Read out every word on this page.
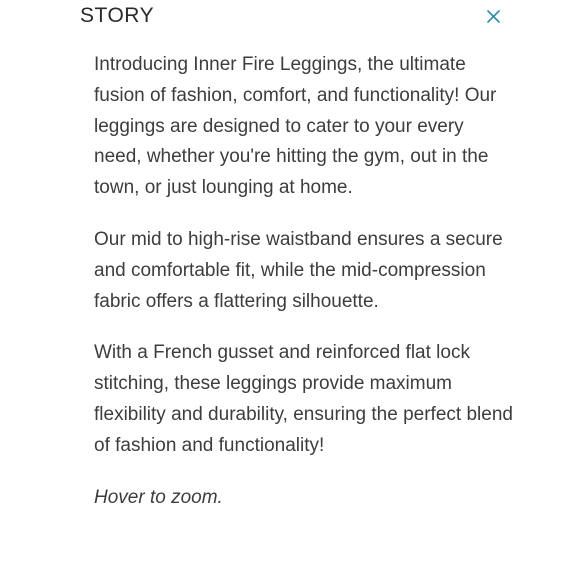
STORY

Introducing Inner Fire Leggings, the ultimate fusion of fashion, comfort, and functionality! Our leggings are designed to cater to your every need, whether you're hitting the gym, out in the town, or just lounging at home.

Our mid to high-rise waistband ensures a secure and comfortable fit, while the mid-compression fabric offers a flattering silhouette.

With a French gusset and reinforced flat lock stitching, these leggings provide maximum flexibility and durability, ensuring the perfect blend of fashion and functionality!

Hover to zoom.
